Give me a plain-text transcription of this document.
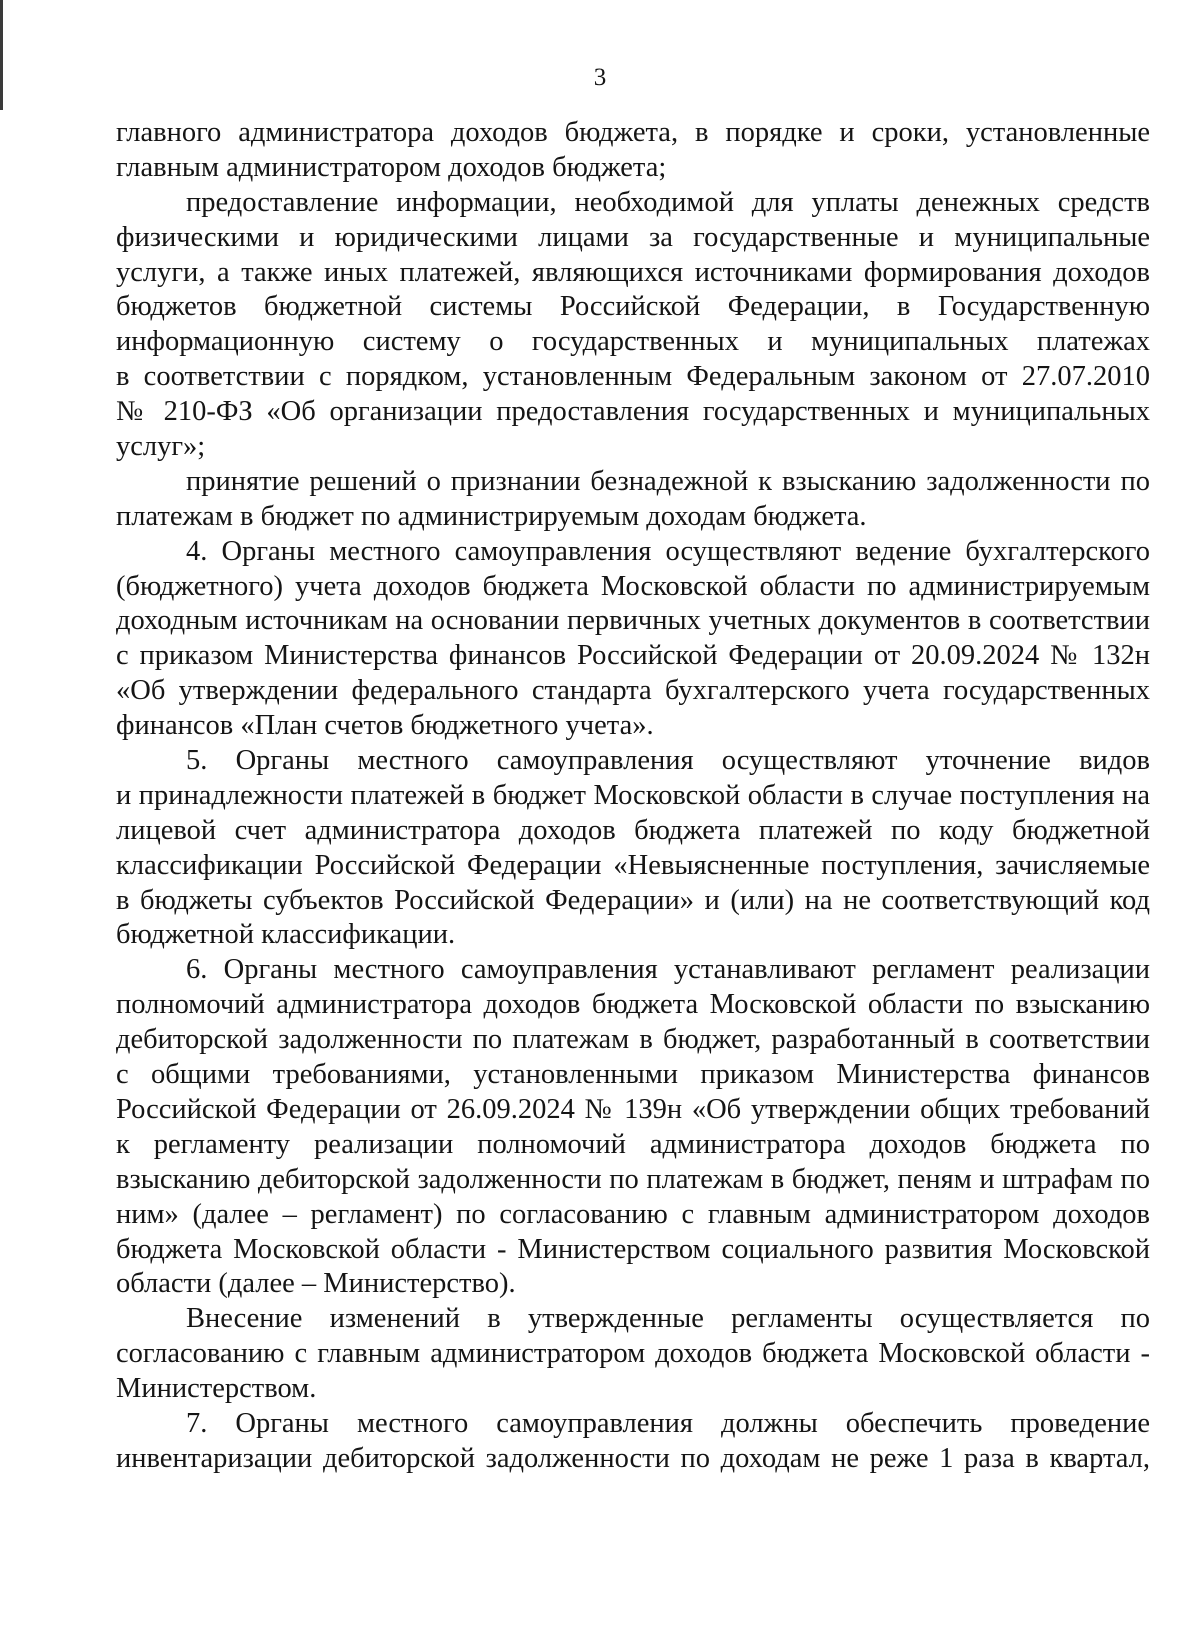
3
главного администратора доходов бюджета, в порядке и сроки, установленные
главным администратором доходов бюджета;
предоставление информации, необходимой для уплаты денежных средств
физическими и юридическими лицами за государственные и муниципальные
услуги, а также иных платежей, являющихся источниками формирования доходов
бюджетов бюджетной системы Российской Федерации, в Государственную
информационную систему о государственных и муниципальных платежах
в соответствии с порядком, установленным Федеральным законом от 27.07.2010
№ 210-ФЗ «Об организации предоставления государственных и муниципальных
услуг»;
принятие решений о признании безнадежной к взысканию задолженности по
платежам в бюджет по администрируемым доходам бюджета.
4. Органы местного самоуправления осуществляют ведение бухгалтерского
(бюджетного) учета доходов бюджета Московской области по администрируемым
доходным источникам на основании первичных учетных документов в соответствии
с приказом Министерства финансов Российской Федерации от 20.09.2024 № 132н
«Об утверждении федерального стандарта бухгалтерского учета государственных
финансов «План счетов бюджетного учета».
5. Органы местного самоуправления осуществляют уточнение видов
и принадлежности платежей в бюджет Московской области в случае поступления на
лицевой счет администратора доходов бюджета платежей по коду бюджетной
классификации Российской Федерации «Невыясненные поступления, зачисляемые
в бюджеты субъектов Российской Федерации» и (или) на не соответствующий код
бюджетной классификации.
6. Органы местного самоуправления устанавливают регламент реализации
полномочий администратора доходов бюджета Московской области по взысканию
дебиторской задолженности по платежам в бюджет, разработанный в соответствии
с общими требованиями, установленными приказом Министерства финансов
Российской Федерации от 26.09.2024 № 139н «Об утверждении общих требований
к регламенту реализации полномочий администратора доходов бюджета по
взысканию дебиторской задолженности по платежам в бюджет, пеням и штрафам по
ним» (далее – регламент) по согласованию с главным администратором доходов
бюджета Московской области - Министерством социального развития Московской
области (далее – Министерство).
Внесение изменений в утвержденные регламенты осуществляется по
согласованию с главным администратором доходов бюджета Московской области -
Министерством.
7. Органы местного самоуправления должны обеспечить проведение
инвентаризации дебиторской задолженности по доходам не реже 1 раза в квартал,
